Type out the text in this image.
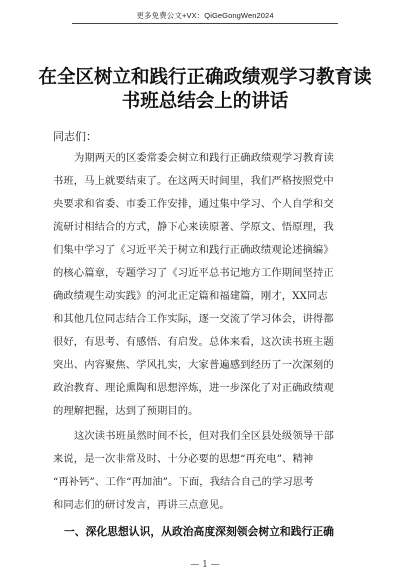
更多免费公文+VX：QiGeGongWen2024
在全区树立和践行正确政绩观学习教育读
书班总结会上的讲话
同志们：
为期两天的区委常委会树立和践行正确政绩观学习教育读
书班，马上就要结束了。在这两天时间里，我们严格按照党中
央要求和省委、市委工作安排，通过集中学习、个人自学和交
流研讨相结合的方式，静下心来读原著、学原文、悟原理，我
们集中学习了《习近平关于树立和践行正确政绩观论述摘编》
的核心篇章，专题学习了《习近平总书记地方工作期间坚持正
确政绩观生动实践》的河北正定篇和福建篇，刚才，XX同志
和其他几位同志结合工作实际，逐一交流了学习体会，讲得都
很好，有思考、有感悟、有启发。总体来看，这次读书班主题
突出、内容聚焦、学风扎实，大家普遍感到经历了一次深刻的
政治教育、理论熏陶和思想淬炼，进一步深化了对正确政绩观
的理解把握，达到了预期目的。
这次读书班虽然时间不长，但对我们全区县处级领导干部
来说，是一次非常及时、十分必要的思想“再充电”、精神
“再补钙”、工作“再加油”。下面，我结合自己的学习思考
和同志们的研讨发言，再讲三点意见。
一、深化思想认识，从政治高度深刻领会树立和践行正确
— 1 —
